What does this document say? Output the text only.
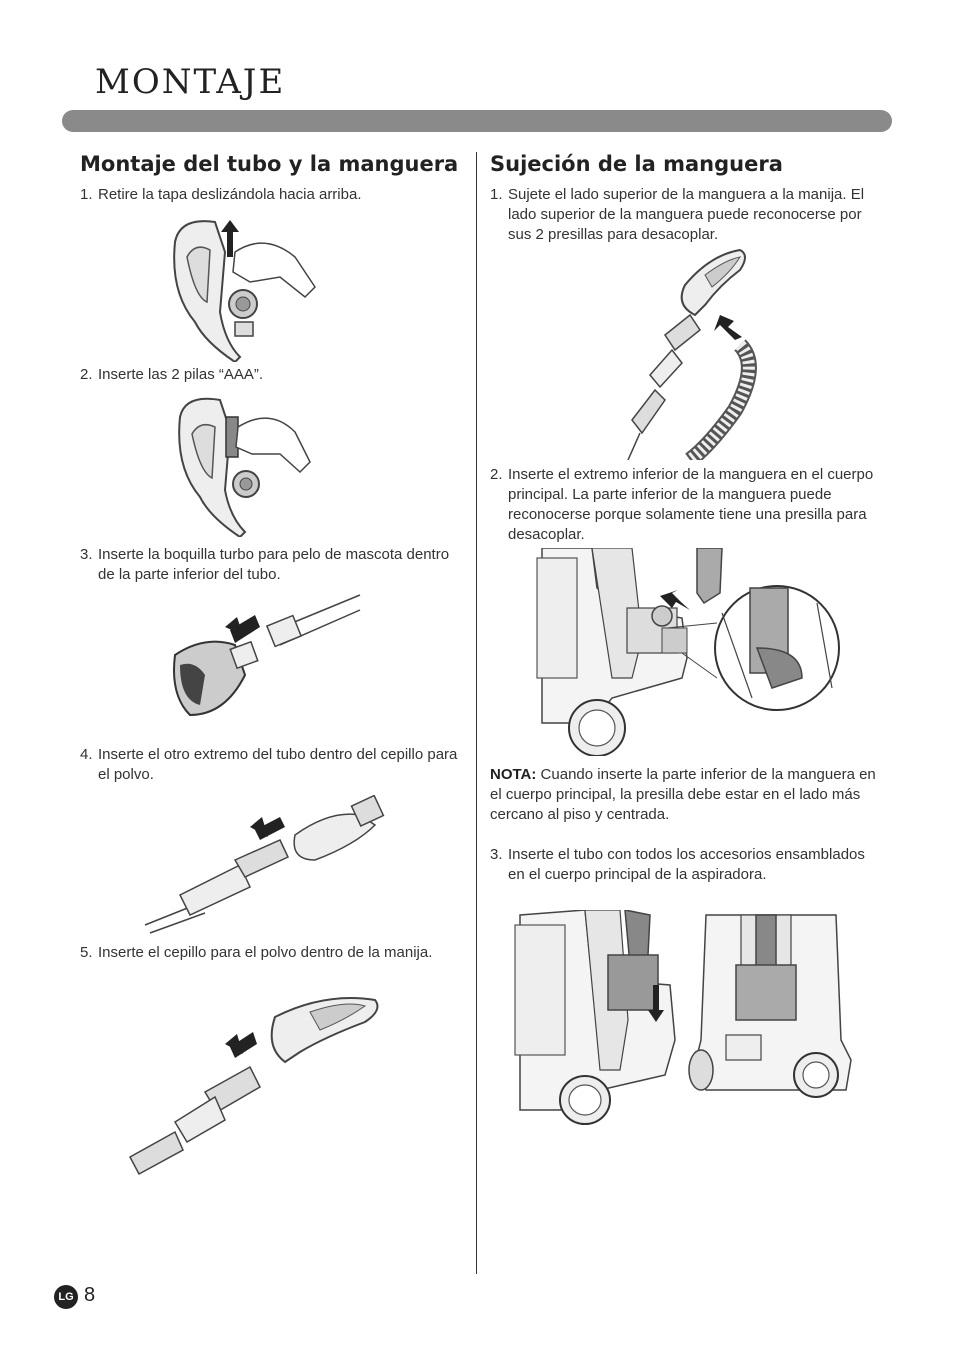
MONTAJE
Montaje del tubo y la manguera
1. Retire la tapa deslizándola hacia arriba.
2. Inserte las 2 pilas “AAA”.
3. Inserte la boquilla turbo para pelo de mascota dentro de la parte inferior del tubo.
4. Inserte el otro extremo del tubo dentro del cepillo para el polvo.
5. Inserte el cepillo para el polvo dentro de la manija.
Sujeción de la manguera
1. Sujete el lado superior de la manguera a la manija. El lado superior de la manguera puede reconocerse por sus 2 presillas para desacoplar.
2. Inserte el extremo inferior de la manguera en el cuerpo principal. La parte inferior de la manguera puede reconocerse porque solamente tiene una presilla para desacoplar.
NOTA: Cuando inserte la parte inferior de la manguera en el cuerpo principal, la presilla debe estar en el lado más cercano al piso y centrada.
3. Inserte el tubo con todos los accesorios ensamblados en el cuerpo principal de la aspiradora.
LG 8
